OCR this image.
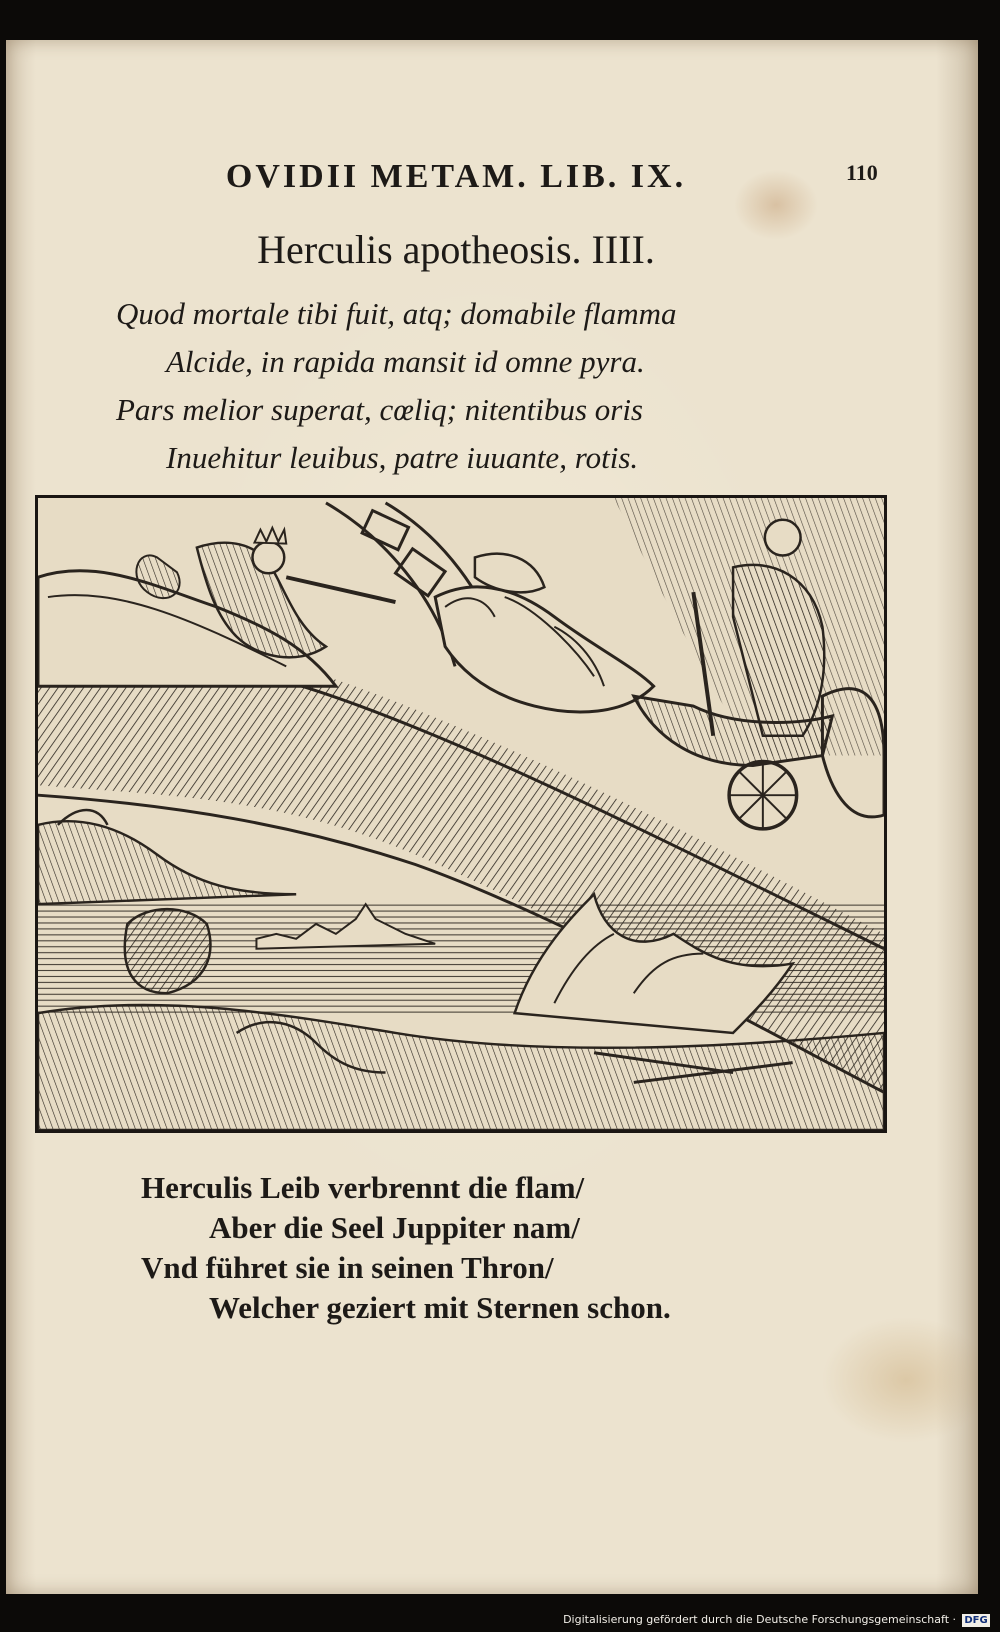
OVIDII METAM. LIB. IX.	110
Herculis apotheosis. IIII.
Quod mortale tibi fuit, atq; domabile flamma
Alcide, in rapida mansit id omne pyra.
Pars melior superat, cœliq; nitentibus oris
Inuehitur leuibus, patre iuuante, rotis.
Herculis Leib verbrennt die flam/
Aber die Seel Juppiter nam/
Vnd führet sie in seinen Thron/
Welcher geziert mit Sternen schon.
Digitalisierung gefördert durch die Deutsche Forschungsgemeinschaft · DFG
